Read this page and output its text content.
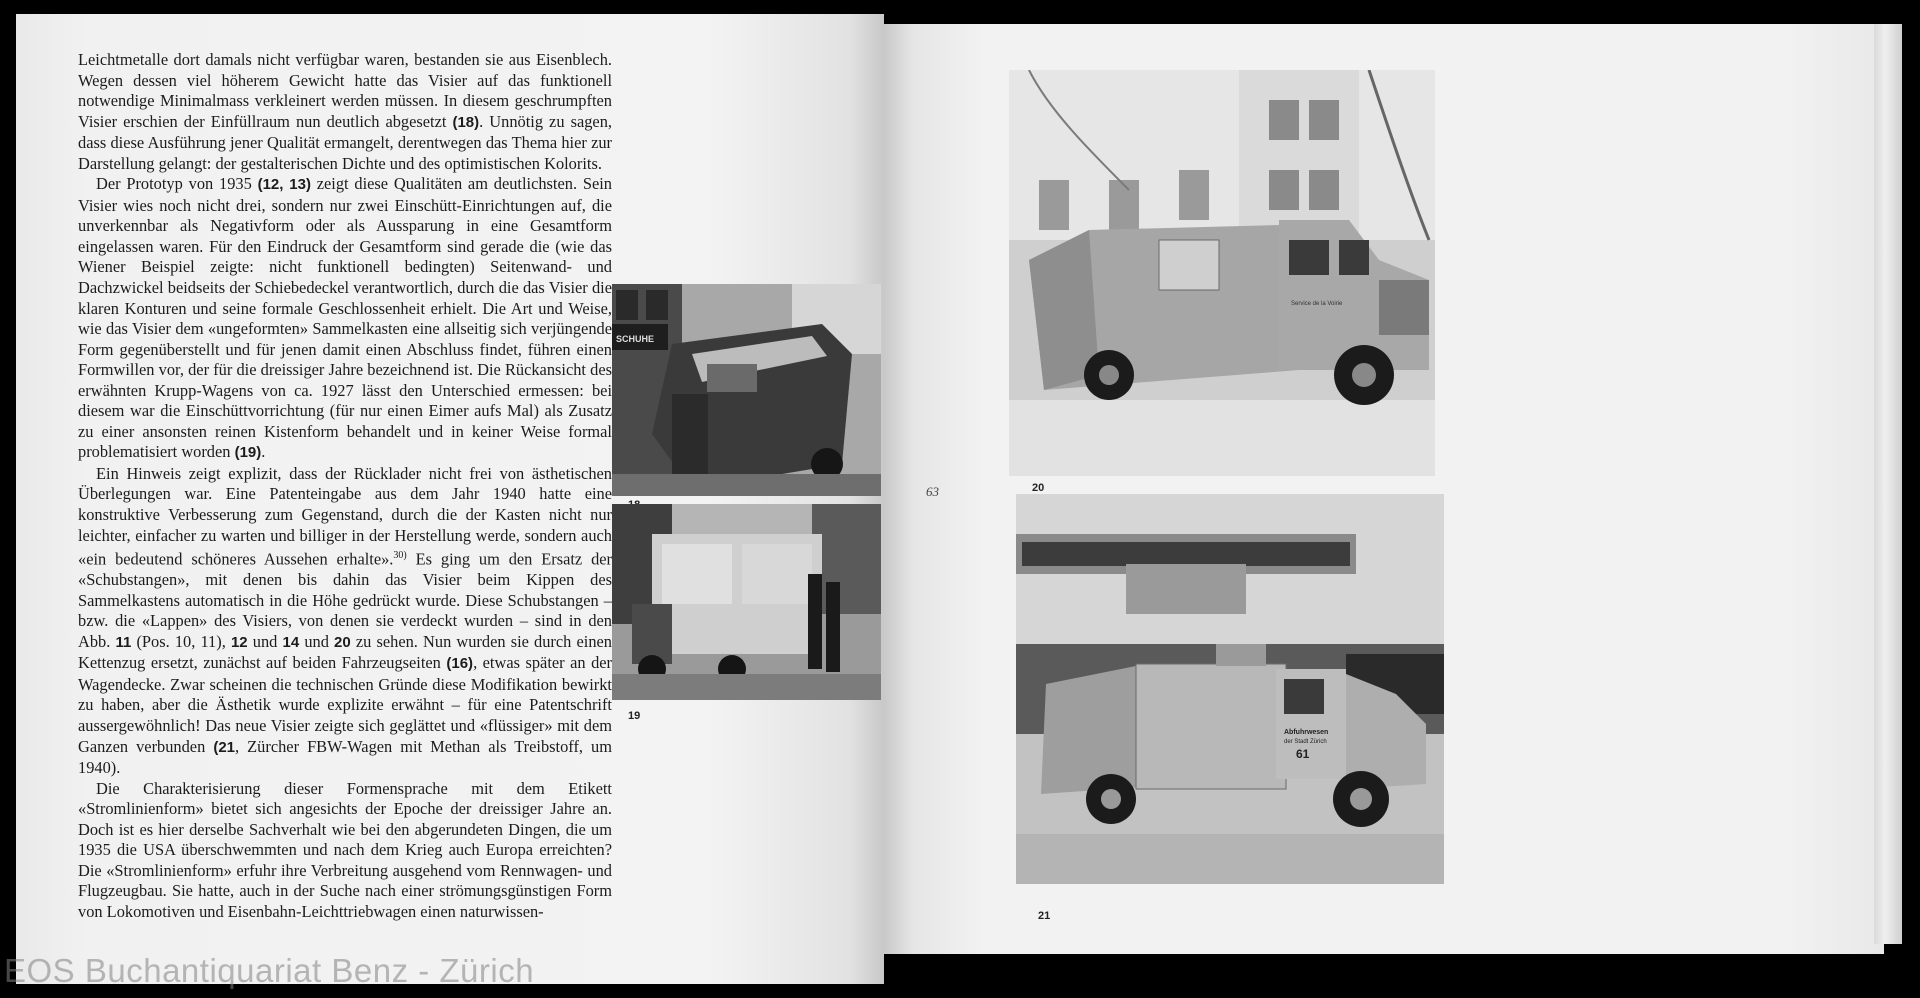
Leichtmetalle dort damals nicht verfügbar waren, bestanden sie aus Eisenblech. Wegen dessen viel höherem Gewicht hatte das Visier auf das funktionell notwendige Minimalmass verkleinert werden müssen. In diesem geschrumpften Visier erschien der Einfüllraum nun deutlich abgesetzt (18). Unnötig zu sagen, dass diese Ausführung jener Qualität ermangelt, derentwegen das Thema hier zur Darstellung gelangt: der gestalterischen Dichte und des optimistischen Kolorits.

Der Prototyp von 1935 (12, 13) zeigt diese Qualitäten am deutlichsten. Sein Visier wies noch nicht drei, sondern nur zwei Einschütt-Einrichtungen auf, die unverkennbar als Negativform oder als Aussparung in eine Gesamtform eingelassen waren. Für den Eindruck der Gesamtform sind gerade die (wie das Wiener Beispiel zeigte: nicht funktionell bedingten) Seitenwand- und Dachzwickel beidseits der Schiebedeckel verantwortlich, durch die das Visier die klaren Konturen und seine formale Geschlossenheit erhielt. Die Art und Weise, wie das Visier dem «ungeformten» Sammelkasten eine allseitig sich verjüngende Form gegenüberstellt und für jenen damit einen Abschluss findet, führen einen Formwillen vor, der für die dreissiger Jahre bezeichnend ist. Die Rückansicht des erwähnten Krupp-Wagens von ca. 1927 lässt den Unterschied ermessen: bei diesem war die Einschüttvorrichtung (für nur einen Eimer aufs Mal) als Zusatz zu einer ansonsten reinen Kistenform behandelt und in keiner Weise formal problematisiert worden (19).

Ein Hinweis zeigt explizit, dass der Rücklader nicht frei von ästhetischen Überlegungen war. Eine Patenteingabe aus dem Jahr 1940 hatte eine konstruktive Verbesserung zum Gegenstand, durch die der Kasten nicht nur leichter, einfacher zu warten und billiger in der Herstellung werde, sondern auch «ein bedeutend schöneres Aussehen erhalte».$^{30)}$ Es ging um den Ersatz der «Schubstangen», mit denen bis dahin das Visier beim Kippen des Sammelkastens automatisch in die Höhe gedrückt wurde. Diese Schubstangen – bzw. die «Lappen» des Visiers, von denen sie verdeckt wurden – sind in den Abb. 11 (Pos. 10, 11), 12 und 14 und 20 zu sehen. Nun wurden sie durch einen Kettenzug ersetzt, zunächst auf beiden Fahrzeugseiten (16), etwas später an der Wagendecke. Zwar scheinen die technischen Gründe diese Modifikation bewirkt zu haben, aber die Ästhetik wurde explizite erwähnt – für eine Patentschrift aussergewöhnlich! Das neue Visier zeigte sich geglättet und «flüssiger» mit dem Ganzen verbunden (21, Zürcher FBW-Wagen mit Methan als Treibstoff, um 1940).

Die Charakterisierung dieser Formensprache mit dem Etikett «Stromlinienform» bietet sich angesichts der Epoche der dreissiger Jahre an. Doch ist es hier derselbe Sachverhalt wie bei den abgerundeten Dingen, die um 1935 die USA überschwemmten und nach dem Krieg auch Europa erreichten? Die «Stromlinienform» erfuhr ihre Verbreitung ausgehend vom Rennwagen- und Flugzeugbau. Sie hatte, auch in der Suche nach einer strömungsgünstigen Form von Lokomotiven und Eisenbahn-Leichttriebwagen einen naturwissen-

SCHUHE
19
Service de la Voirie
20
63
Abfuhrwesen
der Stadt Zürich
61
21
EOS Buchantiquariat Benz - Zürich
